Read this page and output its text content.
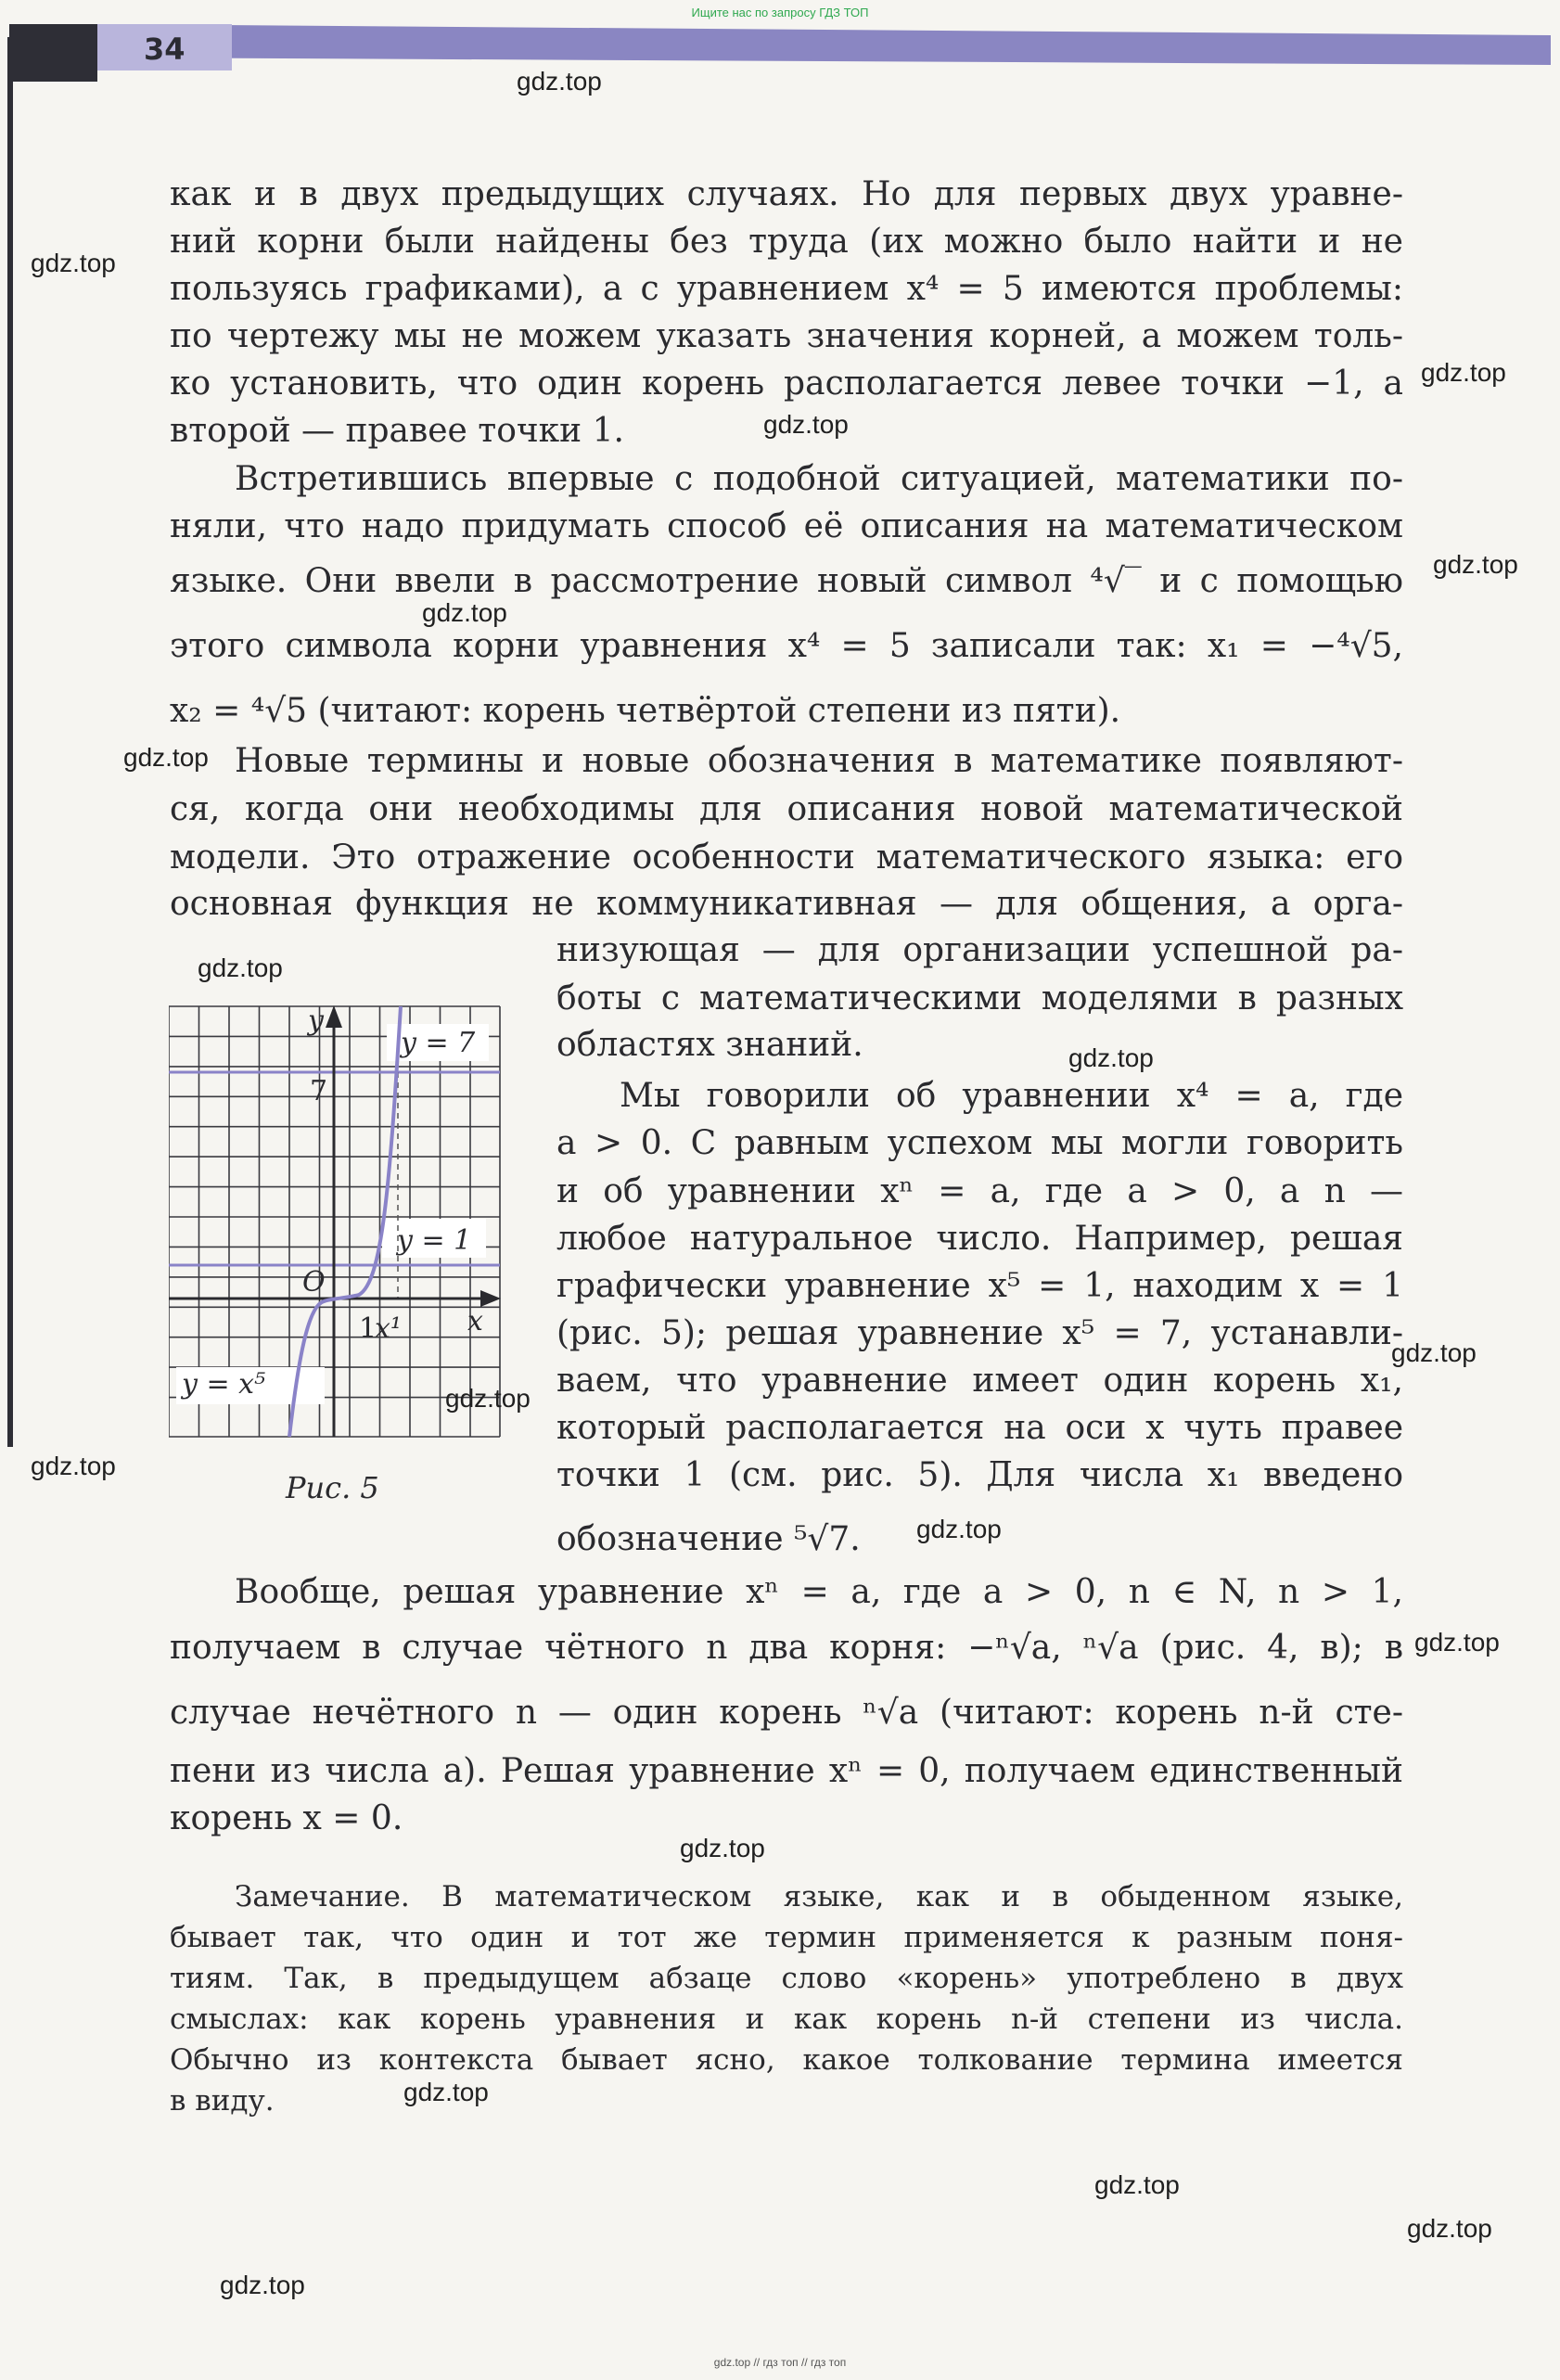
Ищите нас по запросу ГДЗ ТОП
34
как и в двух предыдущих случаях. Но для первых двух уравне-
ний корни были найдены без труда (их можно было найти и не
пользуясь графиками), а с уравнением x⁴ = 5 имеются проблемы:
по чертежу мы не можем указать значения корней, а можем толь-
ко установить, что один корень располагается левее точки −1, а
второй — правее точки 1.
Встретившись впервые с подобной ситуацией, математики по-
няли, что надо придумать способ её описания на математическом
языке. Они ввели в рассмотрение новый символ ⁴√‾ и с помощью
этого символа корни уравнения x⁴ = 5 записали так: x₁ = −⁴√5,
x₂ = ⁴√5 (читают: корень четвёртой степени из пяти).
Новые термины и новые обозначения в математике появляют-
ся, когда они необходимы для описания новой математической
модели. Это отражение особенности математического языка: его
основная функция не коммуникативная — для общения, а орга-
низующая — для организации успешной ра-
боты с математическими моделями в разных
областях знаний.
Мы говорили об уравнении x⁴ = a, где
a > 0. С равным успехом мы могли говорить
и об уравнении xⁿ = a, где a > 0, а n —
любое натуральное число. Например, решая
графически уравнение x⁵ = 1, находим x = 1
(рис. 5); решая уравнение x⁵ = 7, устанавли-
ваем, что уравнение имеет один корень x₁,
который располагается на оси x чуть правее
точки 1 (см. рис. 5). Для числа x₁ введено
обозначение ⁵√7.
Вообще, решая уравнение xⁿ = a, где a > 0, n ∈ N, n > 1,
получаем в случае чётного n два корня: −ⁿ√a, ⁿ√a (рис. 4, в); в
случае нечётного n — один корень ⁿ√a (читают: корень n-й сте-
пени из числа a). Решая уравнение xⁿ = 0, получаем единственный
корень x = 0.
Замечание. В математическом языке, как и в обыденном языке,
бывает так, что один и тот же термин применяется к разным поня-
тиям. Так, в предыдущем абзаце слово «корень» употреблено в двух
смыслах: как корень уравнения и как корень n-й степени из числа.
Обычно из контекста бывает ясно, какое толкование термина имеется
в виду.
y
x
O
7
1
x¹
y = 7
y = 1
y = x⁵
Рис. 5
gdz.top
gdz.top
gdz.top
gdz.top
gdz.top
gdz.top
gdz.top
gdz.top
gdz.top
gdz.top
gdz.top
gdz.top
gdz.top
gdz.top
gdz.top
gdz.top
gdz.top
gdz.top
gdz.top
gdz.top // гдз топ // гдз топ
